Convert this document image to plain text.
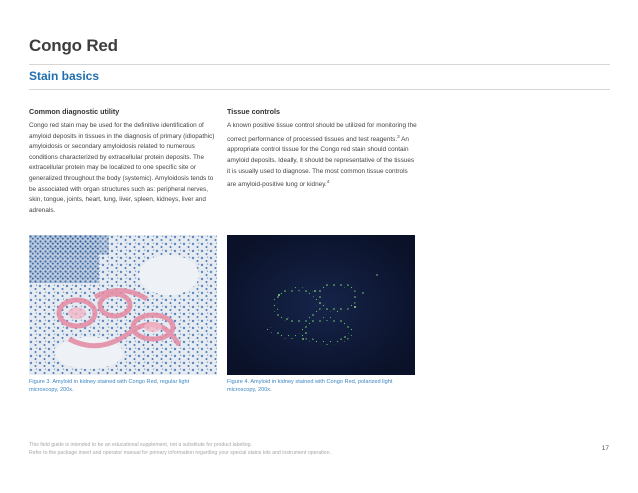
Congo Red
Stain basics
Common diagnostic utility

Congo red stain may be used for the definitive identification of amyloid deposits in tissues in the diagnosis of primary (idiopathic) amyloidosis or secondary amyloidosis related to numerous conditions characterized by extracellular protein deposits. The extracellular protein may be localized to one specific site or generalized throughout the body (systemic). Amyloidosis tends to be associated with organ structures such as: peripheral nerves, skin, tongue, joints, heart, lung, liver, spleen, kidneys, liver and adrenals.

Tissue controls

A known positive tissue control should be utilized for monitoring the correct performance of processed tissues and test reagents.$^3$ An appropriate control tissue for the Congo red stain should contain amyloid deposits. Ideally, it should be representative of the tissues it is usually used to diagnose. The most common tissue controls are amyloid-positive lung or kidney.$^4$

Figure 3. Amyloid in kidney stained with Congo Red, regular light microscopy, 200x.

Figure 4. Amyloid in kidney stained with Congo Red, polarized light microscopy, 200x.

This field guide is intended to be an educational supplement, not a substitute for product labeling.
Refer to the package insert and operator manual for primary information regarding your special stains kits and instrument operation.
17
